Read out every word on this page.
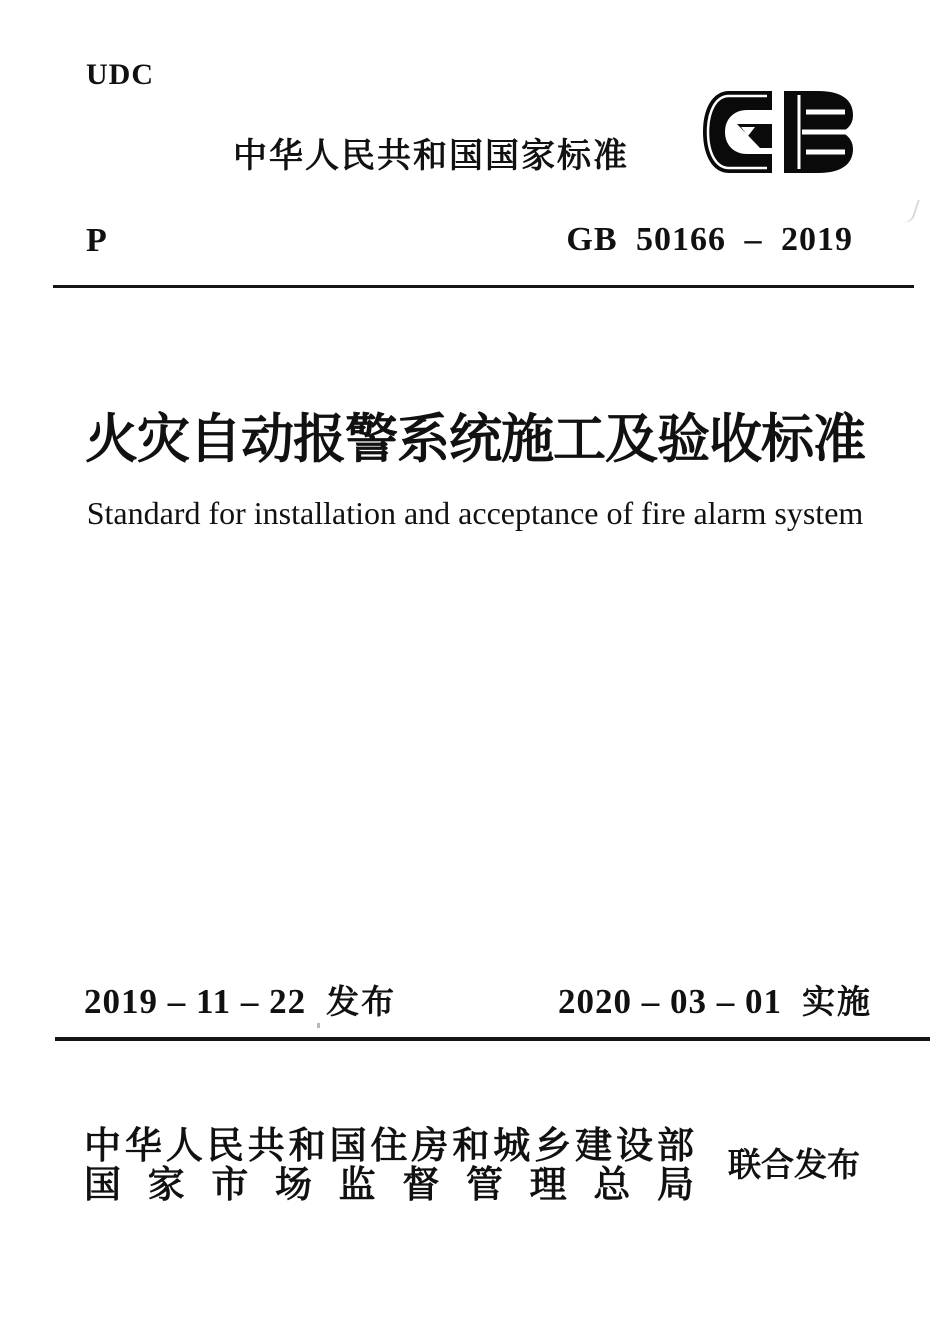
UDC
中华人民共和国国家标准
P	GB 50166 – 2019
火灾自动报警系统施工及验收标准
Standard for installation and acceptance of fire alarm system
2019 – 11 – 22 发布	2020 – 03 – 01 实施
中华人民共和国住房和城乡建设部
国家市场监督管理总局 联合发布
